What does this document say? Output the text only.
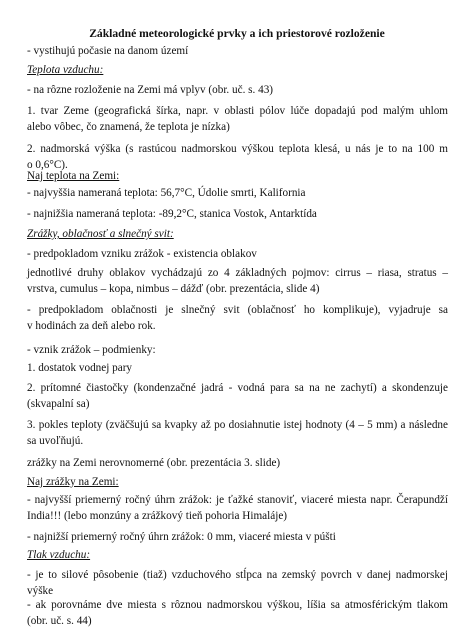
Základné meteorologické prvky a ich priestorové rozloženie
- vystihujú počasie na danom území
Teplota vzduchu:
- na rôzne rozloženie na Zemi má vplyv (obr. uč. s. 43)
1. tvar Zeme (geografická šírka, napr. v oblasti pólov lúče dopadajú pod malým uhlom
alebo vôbec, čo znamená, že teplota je nízka)
2. nadmorská výška (s rastúcou nadmorskou výškou teplota klesá, u nás je to na 100 m
o 0,6°C).
Naj teplota na Zemi:
- najvyššia nameraná teplota: 56,7°C, Údolie smrti, Kalifornia
- najnižšia nameraná teplota: -89,2°C, stanica Vostok, Antarktída
Zrážky, oblačnosť a slnečný svit:
- predpokladom vzniku zrážok - existencia oblakov
jednotlivé druhy oblakov vychádzajú zo 4 základných pojmov: cirrus – riasa, stratus –
vrstva, cumulus – kopa, nimbus – dážď (obr. prezentácia, slide 4)
- predpokladom oblačnosti je slnečný svit (oblačnosť ho komplikuje), vyjadruje sa
v hodinách za deň alebo rok.
- vznik zrážok – podmienky:
1. dostatok vodnej pary
2. prítomné čiastočky (kondenzačné jadrá - vodná para sa na ne zachytí) a skondenzuje
(skvapalní sa)
3. pokles teploty (zväčšujú sa kvapky až po dosiahnutie istej hodnoty (4 – 5 mm) a následne
sa uvoľňujú.
zrážky na Zemi nerovnomerné (obr. prezentácia 3. slide)
Naj zrážky na Zemi:
- najvyšší priemerný ročný úhrn zrážok: je ťažké stanoviť, viaceré miesta napr. Čerapundží
India!!! (lebo monzúny a zrážkový tieň pohoria Himaláje)
- najnižší priemerný ročný úhrn zrážok: 0 mm, viaceré miesta v púšti
Tlak vzduchu:
- je to silové pôsobenie (tiaž) vzduchového stĺpca na zemský povrch v danej nadmorskej
výške
- ak porovnáme dve miesta s rôznou nadmorskou výškou, líšia sa atmosférickým tlakom
(obr. uč. s. 44)
